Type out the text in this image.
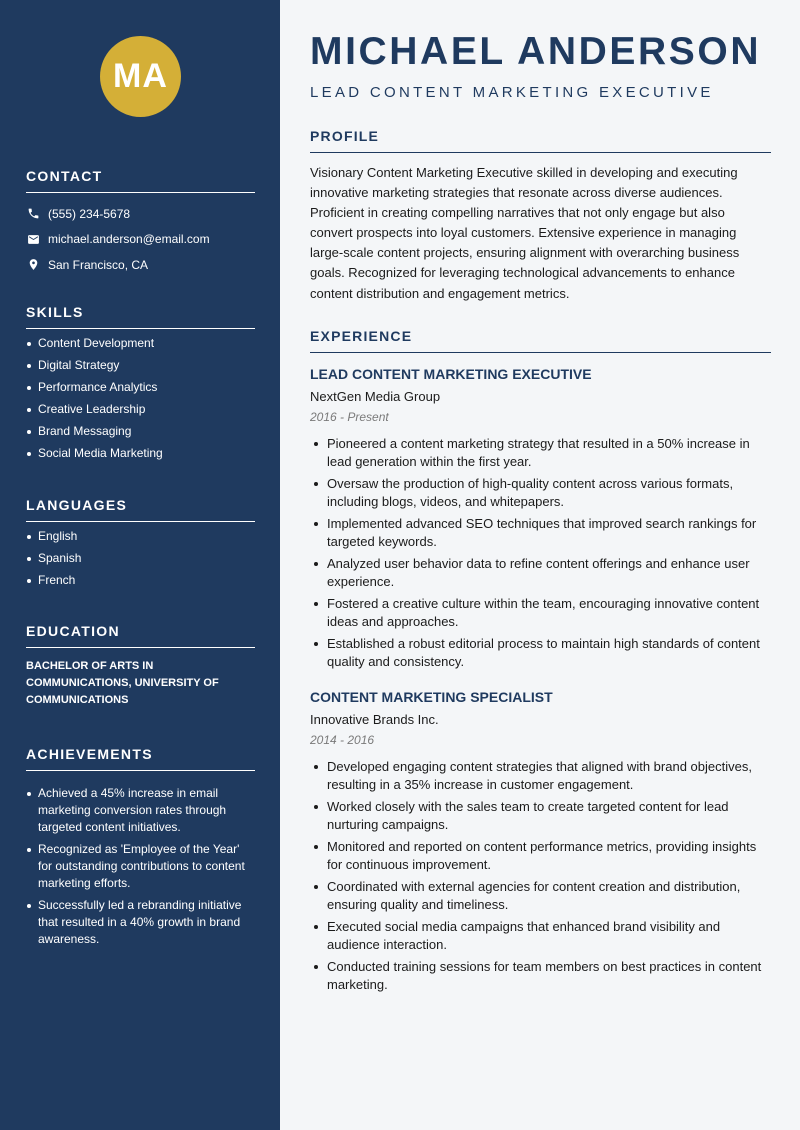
MA
CONTACT
(555) 234-5678
michael.anderson@email.com
San Francisco, CA
SKILLS
Content Development
Digital Strategy
Performance Analytics
Creative Leadership
Brand Messaging
Social Media Marketing
LANGUAGES
English
Spanish
French
EDUCATION
BACHELOR OF ARTS IN COMMUNICATIONS, UNIVERSITY OF COMMUNICATIONS
ACHIEVEMENTS
Achieved a 45% increase in email marketing conversion rates through targeted content initiatives.
Recognized as 'Employee of the Year' for outstanding contributions to content marketing efforts.
Successfully led a rebranding initiative that resulted in a 40% growth in brand awareness.
MICHAEL ANDERSON
LEAD CONTENT MARKETING EXECUTIVE
PROFILE

Visionary Content Marketing Executive skilled in developing and executing innovative marketing strategies that resonate across diverse audiences. Proficient in creating compelling narratives that not only engage but also convert prospects into loyal customers. Extensive experience in managing large-scale content projects, ensuring alignment with overarching business goals. Recognized for leveraging technological advancements to enhance content distribution and engagement metrics.

EXPERIENCE
LEAD CONTENT MARKETING EXECUTIVE
NextGen Media Group
2016 - Present
Pioneered a content marketing strategy that resulted in a 50% increase in lead generation within the first year.
Oversaw the production of high-quality content across various formats, including blogs, videos, and whitepapers.
Implemented advanced SEO techniques that improved search rankings for targeted keywords.
Analyzed user behavior data to refine content offerings and enhance user experience.
Fostered a creative culture within the team, encouraging innovative content ideas and approaches.
Established a robust editorial process to maintain high standards of content quality and consistency.
CONTENT MARKETING SPECIALIST
Innovative Brands Inc.
2014 - 2016
Developed engaging content strategies that aligned with brand objectives, resulting in a 35% increase in customer engagement.
Worked closely with the sales team to create targeted content for lead nurturing campaigns.
Monitored and reported on content performance metrics, providing insights for continuous improvement.
Coordinated with external agencies for content creation and distribution, ensuring quality and timeliness.
Executed social media campaigns that enhanced brand visibility and audience interaction.
Conducted training sessions for team members on best practices in content marketing.
